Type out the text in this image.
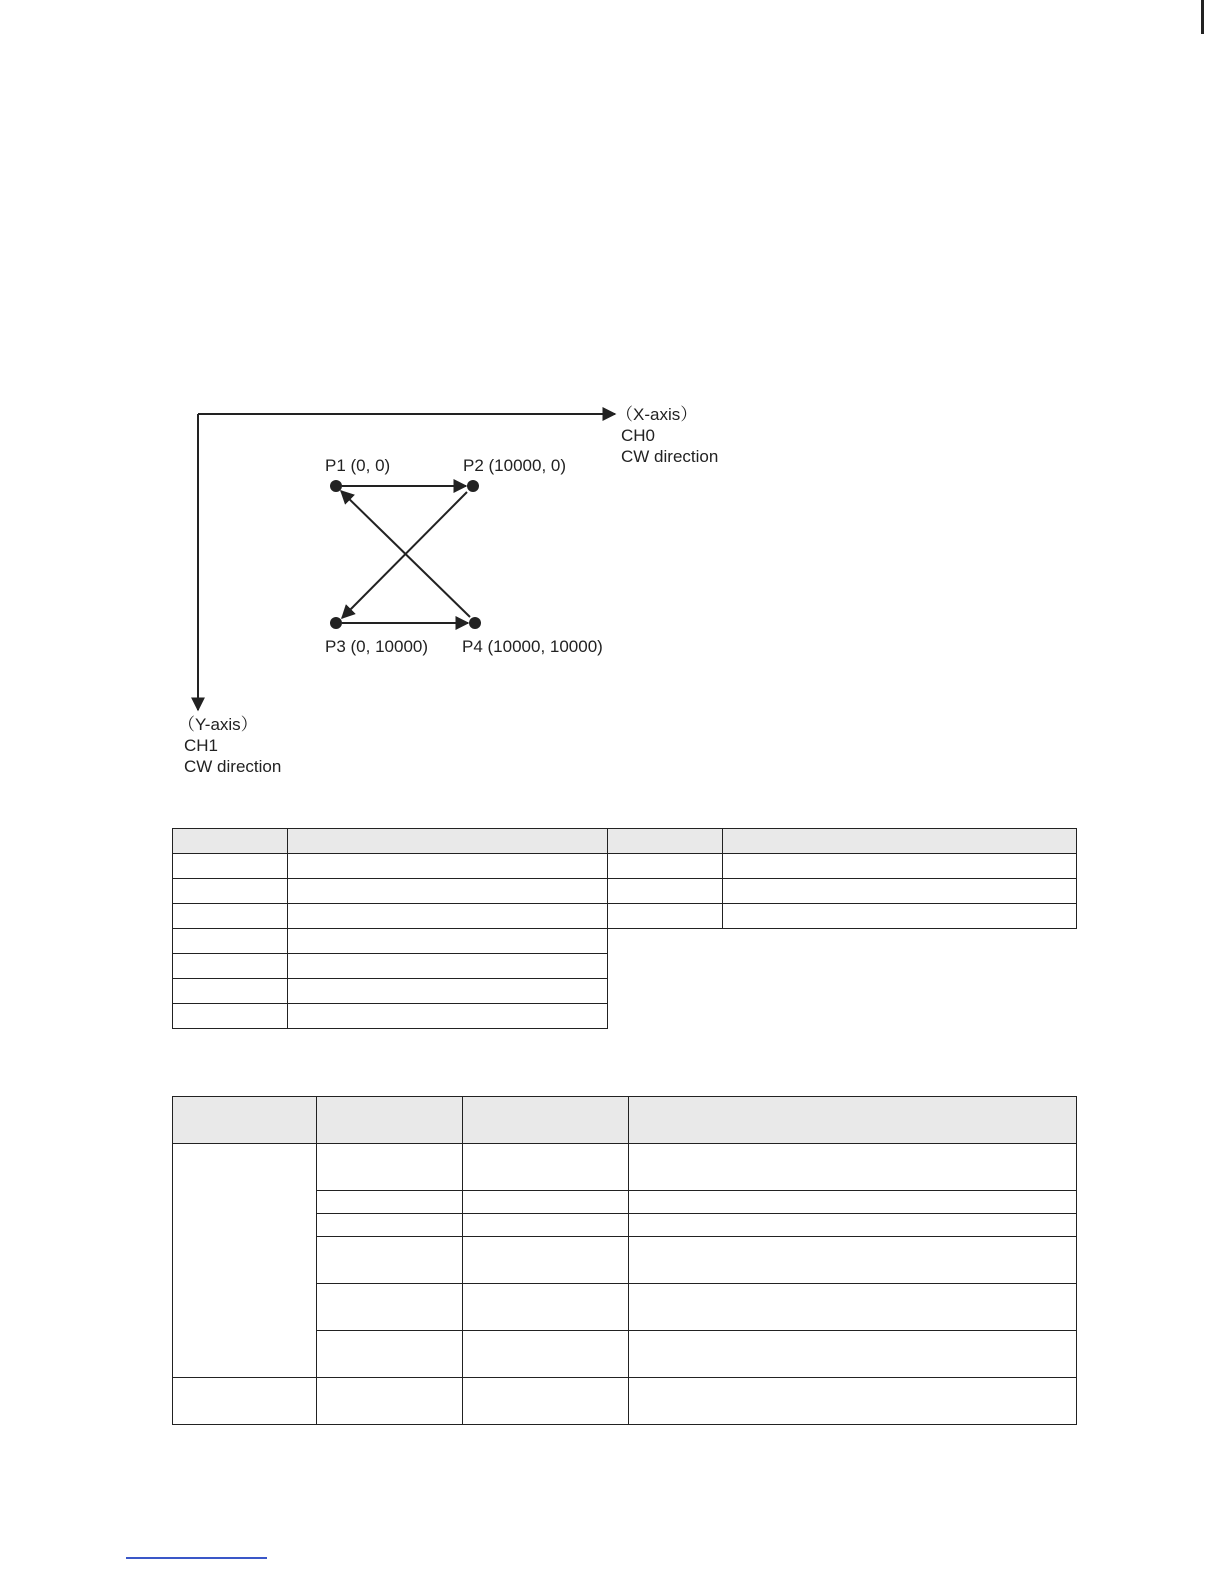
（X-axis）
CH0
CW direction
（Y-axis）
CH1
CW direction
P1 (0, 0)	P2 (10000, 0)
P3 (0, 10000) P4 (10000, 10000)
